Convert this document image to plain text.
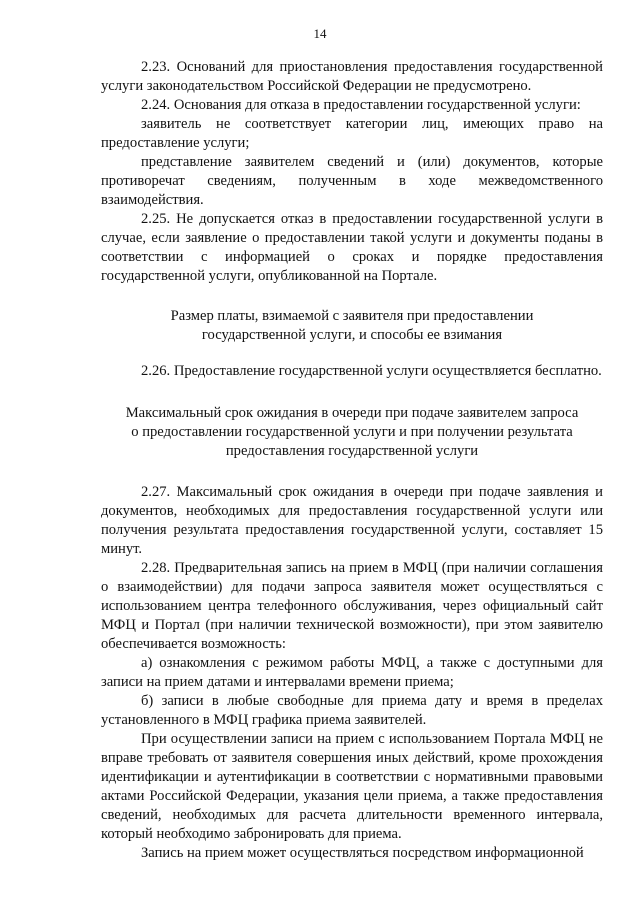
14

2.23. Оснований для приостановления предоставления государственной услуги законодательством Российской Федерации не предусмотрено.

2.24. Основания для отказа в предоставлении государственной услуги:

заявитель не соответствует категории лиц, имеющих право на предоставление услуги;

представление заявителем сведений и (или) документов, которые противоречат сведениям, полученным в ходе межведомственного взаимодействия.

2.25. Не допускается отказ в предоставлении государственной услуги в случае, если заявление о предоставлении такой услуги и документы поданы в соответствии с информацией о сроках и порядке предоставления государственной услуги, опубликованной на Портале.

Размер платы, взимаемой с заявителя при предоставлении
государственной услуги, и способы ее взимания

2.26. Предоставление государственной услуги осуществляется бесплатно.

Максимальный срок ожидания в очереди при подаче заявителем запроса
о предоставлении государственной услуги и при получении результата
предоставления государственной услуги

2.27. Максимальный срок ожидания в очереди при подаче заявления и документов, необходимых для предоставления государственной услуги или получения результата предоставления государственной услуги, составляет 15 минут.

2.28. Предварительная запись на прием в МФЦ (при наличии соглашения о взаимодействии) для подачи запроса заявителя может осуществляться с использованием центра телефонного обслуживания, через официальный сайт МФЦ и Портал (при наличии технической возможности), при этом заявителю обеспечивается возможность:

а) ознакомления с режимом работы МФЦ, а также с доступными для записи на прием датами и интервалами времени приема;

б) записи в любые свободные для приема дату и время в пределах установленного в МФЦ графика приема заявителей.

При осуществлении записи на прием с использованием Портала МФЦ не вправе требовать от заявителя совершения иных действий, кроме прохождения идентификации и аутентификации в соответствии с нормативными правовыми актами Российской Федерации, указания цели приема, а также предоставления сведений, необходимых для расчета длительности временного интервала, который необходимо забронировать для приема.

Запись на прием может осуществляться посредством информационной
